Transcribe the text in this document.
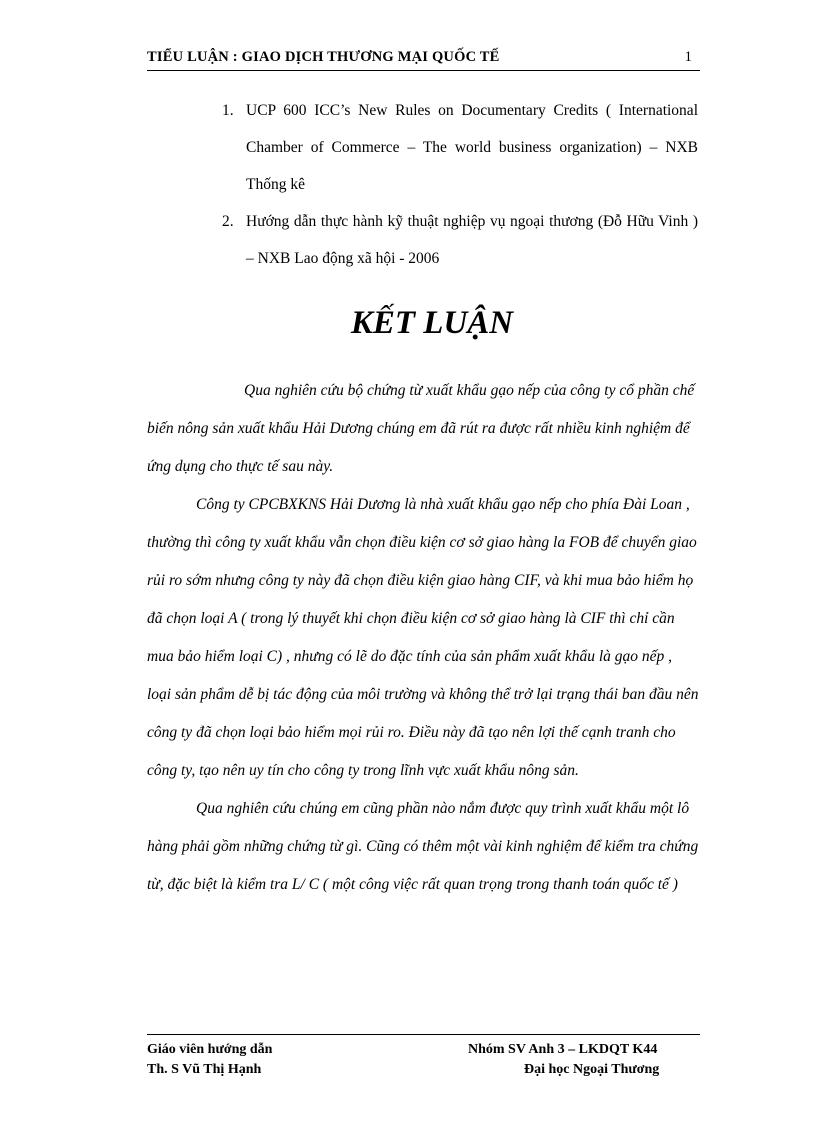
TIỂU LUẬN : GIAO DỊCH THƯƠNG MẠI QUỐC TẾ	1
1. UCP 600 ICC’s New Rules on Documentary Credits ( International Chamber of Commerce – The world business organization) – NXB Thống kê
2. Hướng dẫn thực hành kỹ thuật nghiệp vụ ngoại thương (Đỗ Hữu Vinh ) – NXB Lao động xã hội - 2006
KẾT LUẬN

Qua nghiên cứu bộ chứng từ xuất khẩu gạo nếp của công ty cổ phần chế biến nông sản xuất khẩu Hải Dương chúng em đã rút ra được rất nhiều kinh nghiệm để ứng dụng cho thực tế sau này.

Công ty CPCBXKNS Hải Dương là nhà xuất khẩu gạo nếp cho phía Đài Loan , thường thì công ty xuất khẩu vẫn chọn điều kiện cơ sở giao hàng la FOB để chuyển giao rủi ro sớm nhưng công ty này đã chọn điều kiện giao hàng CIF, và khi mua bảo hiểm họ đã chọn loại A ( trong lý thuyết khi chọn điều kiện cơ sở giao hàng là CIF thì chỉ cần mua bảo hiểm loại C) , nhưng có lẽ do đặc tính của sản phẩm xuất khẩu là gạo nếp , loại sản phẩm dễ bị tác động của môi trường và không thể trở lại trạng thái ban đầu nên công ty đã chọn loại bảo hiểm mọi rủi ro. Điều này đã tạo nên lợi thế cạnh tranh cho công ty, tạo nên uy tín cho công ty trong lĩnh vực xuất khẩu nông sản.

Qua nghiên cứu chúng em cũng phần nào nắm được quy trình xuất khẩu một lô hàng phải gồm những chứng từ gì. Cũng có thêm một vài kinh nghiệm để kiểm tra chứng từ, đặc biệt là kiểm tra L/ C ( một công việc rất quan trọng trong thanh toán quốc tế )

Giáo viên hướng dẫn
Th. S Vũ Thị Hạnh
Nhóm SV Anh 3 – LKDQT K44
Đại học Ngoại Thương
